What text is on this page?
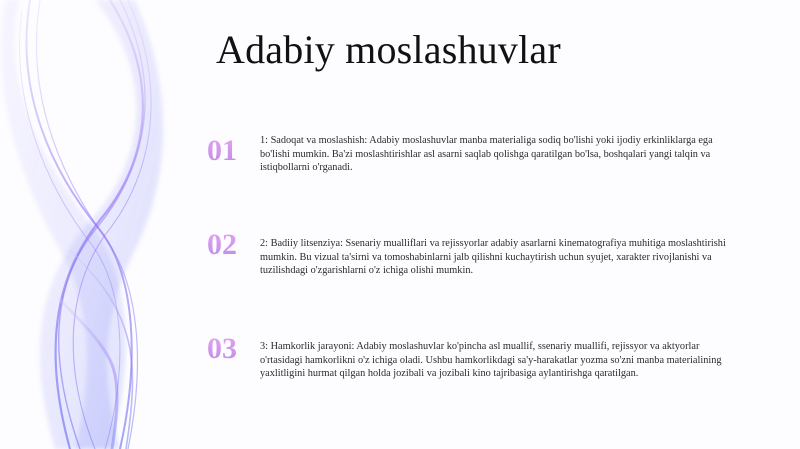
Adabiy moslashuvlar
01	1: Sadoqat va moslashish: Adabiy moslashuvlar manba materialiga sodiq bo'lishi yoki ijodiy erkinliklarga ega bo'lishi mumkin. Ba'zi moslashtirishlar asl asarni saqlab qolishga qaratilgan bo'lsa, boshqalari yangi talqin va istiqbollarni o'rganadi.
02	2: Badiiy litsenziya: Ssenariy mualliflari va rejissyorlar adabiy asarlarni kinematografiya muhitiga moslashtirishi mumkin. Bu vizual ta'sirni va tomoshabinlarni jalb qilishni kuchaytirish uchun syujet, xarakter rivojlanishi va tuzilishdagi o'zgarishlarni o'z ichiga olishi mumkin.
03	3: Hamkorlik jarayoni: Adabiy moslashuvlar ko'pincha asl muallif, ssenariy muallifi, rejissyor va aktyorlar o'rtasidagi hamkorlikni o'z ichiga oladi. Ushbu hamkorlikdagi sa'y-harakatlar yozma so'zni manba materialining yaxlitligini hurmat qilgan holda jozibali va jozibali kino tajribasiga aylantirishga qaratilgan.
